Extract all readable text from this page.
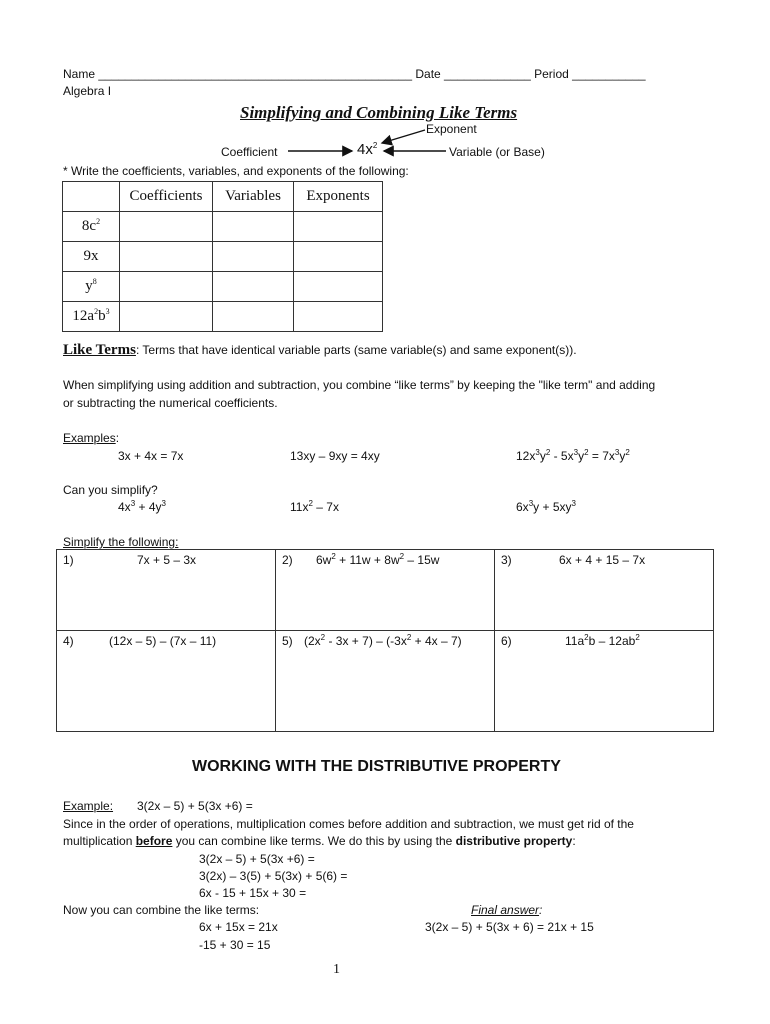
Name _______________________________________________ Date _____________ Period ___________
Algebra I
Simplifying and Combining Like Terms
Exponent
Coefficient	$4x^2$	Variable (or Base)
* Write the coefficients, variables, and exponents of the following:
	Coefficients	Variables	Exponents
$8c^2$			
9x			
$y^8$			
$12a^2b^3$			
Like Terms: Terms that have identical variable parts (same variable(s) and same exponent(s)).
When simplifying using addition and subtraction, you combine “like terms” by keeping the "like term" and adding
or subtracting the numerical coefficients.
Examples:
3x + 4x = 7x	13xy – 9xy = 4xy	$12x^3y^2 - 5x^3y^2 = 7x^3y^2$
Can you simplify?
$4x^3 + 4y^3$	$11x^2 - 7x$	$6x^3y + 5xy^3$
Simplify the following:
1) 7x + 5 – 3x	2) $6w^2 + 11w + 8w^2 - 15w$	3) 6x + 4 + 15 – 7x
4) (12x – 5) – (7x – 11)	5) $(2x^2 - 3x + 7) - (-3x^2 + 4x - 7)$	6) $11a^2b - 12ab^2$
WORKING WITH THE DISTRIBUTIVE PROPERTY
Example: 3(2x – 5) + 5(3x +6) =
Since in the order of operations, multiplication comes before addition and subtraction, we must get rid of the
multiplication before you can combine like terms. We do this by using the distributive property:
3(2x – 5) + 5(3x +6) =
3(2x) – 3(5) + 5(3x) + 5(6) =
6x - 15 + 15x + 30 =
Now you can combine the like terms:	Final answer:
6x + 15x = 21x	3(2x – 5) + 5(3x + 6) = 21x + 15
-15 + 30 = 15
1
